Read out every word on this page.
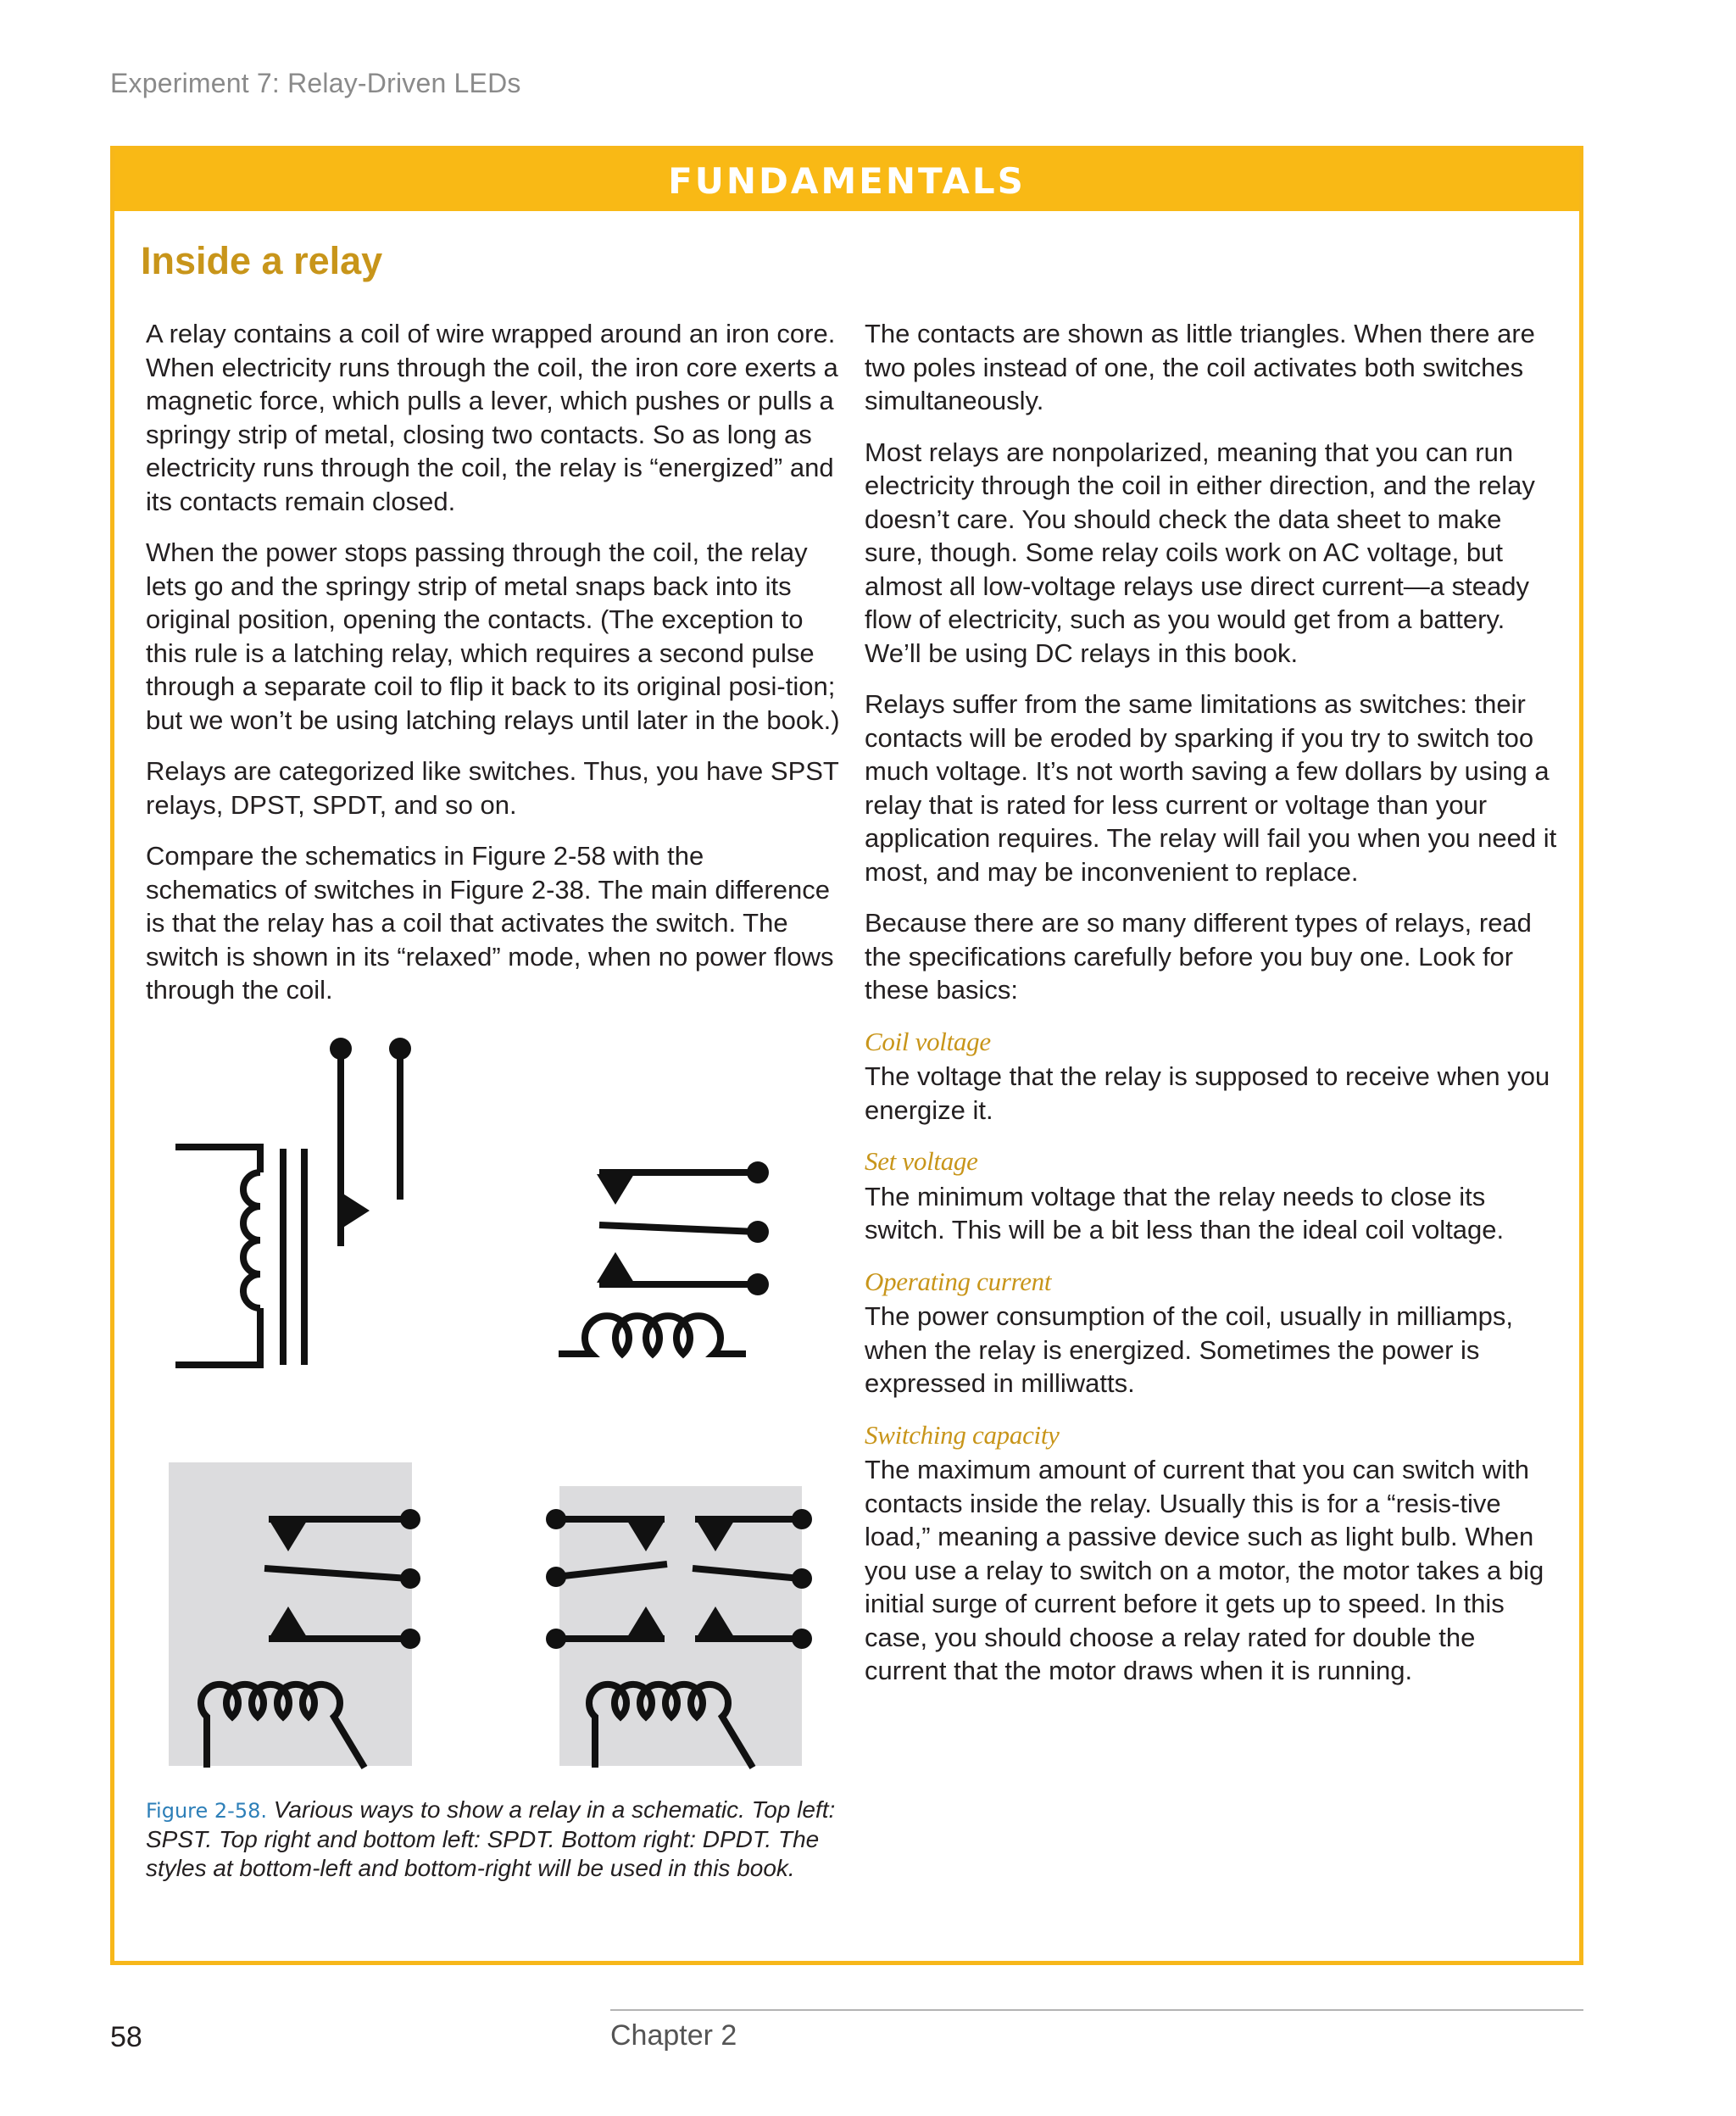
Experiment 7: Relay-Driven LEDs
FUNDAMENTALS
Inside a relay

A relay contains a coil of wire wrapped around an iron core. When electricity runs through the coil, the iron core exerts a magnetic force, which pulls a lever, which pushes or pulls a springy strip of metal, closing two contacts. So as long as electricity runs through the coil, the relay is “energized” and its contacts remain closed.

When the power stops passing through the coil, the relay lets go and the springy strip of metal snaps back into its original position, opening the contacts. (The exception to this rule is a latching relay, which requires a second pulse through a separate coil to flip it back to its original posi-tion; but we won’t be using latching relays until later in the book.)

Relays are categorized like switches. Thus, you have SPST relays, DPST, SPDT, and so on.

Compare the schematics in Figure 2-58 with the schematics of switches in Figure 2-38. The main difference is that the relay has a coil that activates the switch. The switch is shown in its “relaxed” mode, when no power flows through the coil.

The contacts are shown as little triangles. When there are two poles instead of one, the coil activates both switches simultaneously.

Most relays are nonpolarized, meaning that you can run electricity through the coil in either direction, and the relay doesn’t care. You should check the data sheet to make sure, though. Some relay coils work on AC voltage, but almost all low-voltage relays use direct current—a steady flow of electricity, such as you would get from a battery. We’ll be using DC relays in this book.

Relays suffer from the same limitations as switches: their contacts will be eroded by sparking if you try to switch too much voltage. It’s not worth saving a few dollars by using a relay that is rated for less current or voltage than your application requires. The relay will fail you when you need it most, and may be inconvenient to replace.

Because there are so many different types of relays, read the specifications carefully before you buy one. Look for these basics:

Coil voltage

The voltage that the relay is supposed to receive when you energize it.

Set voltage

The minimum voltage that the relay needs to close its switch. This will be a bit less than the ideal coil voltage.

Operating current

The power consumption of the coil, usually in milliamps, when the relay is energized. Sometimes the power is expressed in milliwatts.

Switching capacity

The maximum amount of current that you can switch with contacts inside the relay. Usually this is for a “resis-tive load,” meaning a passive device such as light bulb. When you use a relay to switch on a motor, the motor takes a big initial surge of current before it gets up to speed. In this case, you should choose a relay rated for double the current that the motor draws when it is running.

Figure 2-58. Various ways to show a relay in a schematic. Top left: SPST. Top right and bottom left: SPDT. Bottom right: DPDT. The styles at bottom-left and bottom-right will be used in this book.
58	Chapter 2
